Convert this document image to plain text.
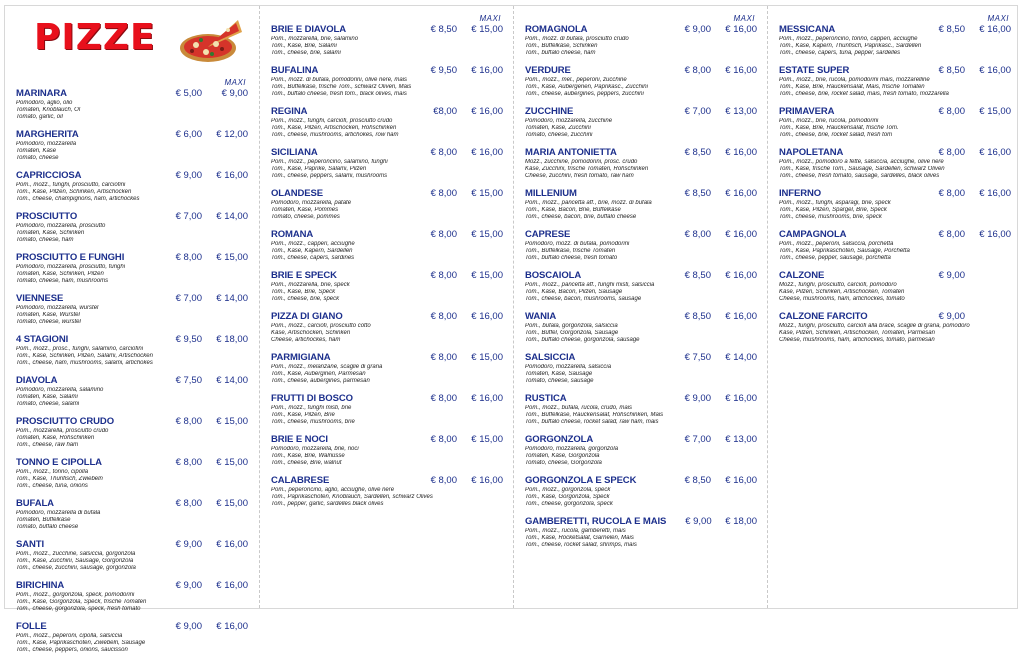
PIZZE
MAXI
MARINARA	€ 5,00	€ 9,00
Pomodoro, aglio, olio
Tomaten, Knoblauch, Öl
Tomato, garlic, oil
MARGHERITA	€ 6,00	€ 12,00
Pomodoro, mozzarella
Tomaten, Käse
Tomato, cheese
CAPRICCIOSA	€ 9,00	€ 16,00
Pom., mozz., funghi, prosciutto, carciofini
Tom., Käse, Pilzen, Schinken, Artischocken
Tom., cheese, champignons, ham, artichockes
PROSCIUTTO	€ 7,00	€ 14,00
Pomodoro, mozzarella, prosciutto
Tomaten, Käse, Schinken
Tomato, cheese, ham
PROSCIUTTO E FUNGHI	€ 8,00	€ 15,00
Pomodoro, mozzarella, prosciutto, funghi
Tomaten, Käse, Schinken, Pilzen
Tomato, cheese, ham, mushrooms
VIENNESE	€ 7,00	€ 14,00
Pomodoro, mozzarella, wurstel
Tomaten, Käse, Wurstel
Tomato, cheese, wurstel
4 STAGIONI	€ 9,50	€ 18,00
Pom., mozz., prosc., funghi, salamino, carciofini
Tom., Käse, Schinken, Pilzen, Salami, Artischocken
Tom., cheese, ham, mushrooms, salami, artichokes
DIAVOLA	€ 7,50	€ 14,00
Pomodoro, mozzarella, salamino
Tomaten, Käse, Salami
Tomato, cheese, salami
PROSCIUTTO CRUDO	€ 8,00	€ 15,00
Pom., mozzarella, prosciutto crudo
Tomaten, Käse, Rohschinken
Tom., cheese, raw ham
TONNO E CIPOLLA	€ 8,00	€ 15,00
Pom., mozz., tonno, cipolla
Tom., Käse, Thunfisch, Zwiebeln
Tom., cheese, tuna, onions
BUFALA	€ 8,00	€ 15,00
Pomodoro, mozzarella di bufala
Tomaten, Büffelkäse
Tomato, buffalo cheese
SANTI	€ 9,00	€ 16,00
Pom., mozz., zucchine, salsiccia, gorgonzola
Tom., Käse, Zucchini, Sausage, Gorgonzola
Tom., cheese, zucchini, sausage, gorgonzola
BIRICHINA	€ 9,00	€ 16,00
Pom., mozz., gorgonzola, speck, pomodorini
Tom., Käse, Gorgonzola, Speck, frische Tomaten
Tom., cheese, gorgonzola, speck, fresh tomato
FOLLE	€ 9,00	€ 16,00
Pom., mozz., peperoni, cipolla, salsiccia
Tom., Käse, Paprikaschoten, Zwiebeln, Sausage
Tom., cheese, peppers, onions, saucisson
MAXI
BRIE E DIAVOLA	€ 8,50	€ 15,00
Pom., mozzarella, brie, salamino
Tom., Käse, Brie, Salami
Tom., cheese, brie, salami
BUFALINA	€ 9,50	€ 16,00
Pom., mozz. di bufala, pomodorini, olive nere, mais
Tom., Büffelkäse, frische Tom., schwarz Oliven, Mais
Tom., buffalo cheese, fresh tom., black olives, mais
REGINA	€8,00	€ 16,00
Pom., mozz., funghi, carciofi, prosciutto crudo
Tom., Käse, Pilzen, Artischocken, Rohschinken
Tom., cheese, mushrooms, artichokes, row ham
SICILIANA	€ 8,00	€ 16,00
Pom., mozz., peperoncino, salamino, funghi
Tom., Käse, Paprike, Salami, Pilzen
Tom., cheese, peppers, salami, mushrooms
OLANDESE	€ 8,00	€ 15,00
Pomodoro, mozzarella, patate
Tomaten, Käse, Pommes
Tomato, cheese, pommes
ROMANA	€ 8,00	€ 15,00
Pom., mozz., capperi, acciughe
Tom., Käse, Kapern, Sardellen
Tom., cheese, capers, sardines
BRIE E SPECK	€ 8,00	€ 15,00
Pom., mozzarella, brie, speck
Tom., Käse, Brie, Speck
Tom., cheese, brie, speck
PIZZA DI GIANO	€ 8,00	€ 16,00
Pom., mozz., carciofi, prosciutto cotto
Käse, Artischocken, Schinken
Cheese, artichockes, ham
PARMIGIANA	€ 8,00	€ 15,00
Pom., mozz., melanzane, scaglie di grana
Tom., Käse, Auberginen, Parmesan
Tom., cheese, aubergines, parmesan
FRUTTI DI BOSCO	€ 8,00	€ 16,00
Pom., mozz., funghi misti, brie
Tom., Käse, Pilzen, Brie
Tom., cheese, mushrooms, brie
BRIE E NOCI	€ 8,00	€ 15,00
Pomodoro, mozzarella, brie, noci
Tom., Käse, Brie, Walnüsse
Tom., cheese, Brie, walnut
CALABRESE	€ 8,00	€ 16,00
Pom., peperoncino, aglio, acciughe, olive nere
Tom., Paprikaschoten, Knoblauch, Sardellen, schwarz Olives
Tom., pepper, garlic, sardelles black olives
MAXI
ROMAGNOLA	€ 9,00	€ 16,00
Pom., mozz. di bufala, prosciutto crudo
Tom., Büffelkäse, Schinken
Tom., buffalo cheese, ham
VERDURE	€ 8,00	€ 16,00
Pom., mozz., mel., peperoni, zucchine
Tom., Käse, Aubergenen, Paprikasc., Zucchini
Tom., cheese, aubergines, peppers, zucchini
ZUCCHINE	€ 7,00	€ 13,00
Pomodoro, mozzarella, zucchine
Tomaten, Käse, Zucchini
Tomato, cheese, zucchini
MARIA ANTONIETTA	€ 8,50	€ 16,00
Mozz., zucchine, pomodorini, prosc. crudo
Käse, Zucchini, frische Tomaten, Rohschinken
Cheese, zucchini, fresh tomato, raw ham
MILLENIUM	€ 8,50	€ 16,00
Pom., mozz., pancetta aff., brie, mozz. di bufala
Tom., Käse, Bacon, Brie, Büffelkäse
Tom., cheese, bacon, brie, buffalo cheese
CAPRESE	€ 8,00	€ 16,00
Pomodoro, mozz. di bufala, pomodorini
Tom., Büffelkäse, frische Tomaten
Tom., buffalo cheese, fresh tomato
BOSCAIOLA	€ 8,50	€ 16,00
Pom., mozz., pancetta aff., funghi misti, salsiccia
Tom., Käse, Bacon, Pilzen, Sausage
Tom., cheese, bacon, mushrooms, sausage
WANIA	€ 8,50	€ 16,00
Pom., bufala, gorgonzola, salsiccia
Tom., Büffel, Gorgonzola, Sausage
Tom., buffalo cheese, gorgonzola, sausage
SALSICCIA	€ 7,50	€ 14,00
Pomodoro, mozzarella, salsiccia
Tomaten, Käse, Sausage
Tomato, cheese, sausage
RUSTICA	€ 9,00	€ 16,00
Pom., mozz., bufala, rucola, crudo, mais
Tom., Büffelkäse, Rauckensalat, Rohschinken, Mais
Tom., buffalo cheese, rocket salad, raw ham, mais
GORGONZOLA	€ 7,00	€ 13,00
Pomodoro, mozzarella, gorgonzola
Tomaten, Käse, Gorgonzola
Tomato, cheese, Gorgonzola
GORGONZOLA E SPECK	€ 8,50	€ 16,00
Pom., mozz., gorgonzola, speck
Tom., Käse, Gorgonzola, Speck
Tom., cheese, gorgonzola, speck
GAMBERETTI, RUCOLA E MAIS	€ 9,00	€ 18,00
Pom., mozz., rucola, gamberetti, mais
Tom., Käse, Rocketsalat, Garnelen, Mais
Tom., cheese, rocket salad, shrimps, mais
MAXI
MESSICANA	€ 8,50	€ 16,00
Pom., mozz., peperoncino, tonno, capperi, acciughe
Tom., Käse, Kapern, Thunfisch, Paprikasc., Sardellen
Tom., cheese, capers, tuna, pepper, sardelles
ESTATE SUPER	€ 8,50	€ 16,00
Pom., mozz., brie, rucola, pomodorini mais, mozzarelline
Tom., Käse, Brie, Rauckensalat, Mais, frische Tomaten
Tom., cheese, brie, rocket salad, mais, fresh tomato, mozzarella
PRIMAVERA	€ 8,00	€ 15,00
Pom., mozz., brie, rucola, pomodorini
Tom., Käse, Brie, Rauckensalat, frische Tom.
Tom., cheese, brie, rocket salad, fresh tom
NAPOLETANA	€ 8,00	€ 16,00
Pom., mozz., pomodoro a fette, salsiccia, acciughe, olive nere
Tom., Käse, frische Tom., Sausage, Sardellen, schwarz Oliven
Tom., cheese, fresh tomato, sausage, sardelles, black olives
INFERNO	€ 8,00	€ 16,00
Pom., mozz., funghi, asparagi, brie, speck
Tom., Käse, Pilzen, Spargel, Brie, Speck
Tom., cheese, mushrooms, brie, speck
CAMPAGNOLA	€ 8,00	€ 16,00
Pom., mozz., peperoni, salsiccia, porchetta
Tom., Käse, Paprikaschoten, Sausage, Porchetta
Tom., cheese, pepper, sausage, porchetta
CALZONE	€ 9,00
Mozz., funghi, prosciutto, carciofi, pomodoro
Käse, Pilzen, Schinken, Artischocken, Tomaten
Cheese, mushrooms, ham, artichockes, tomato
CALZONE FARCITO	€ 9,00
Mozz., funghi, prosciutto, carciofi alla brace, scaglie di grana, pomodoro
Käse, Pilzen, Schinken, Artischocken, Tomaten, Parmesan
Cheese, mushrooms, ham, artichockes, tomato, parmesan
